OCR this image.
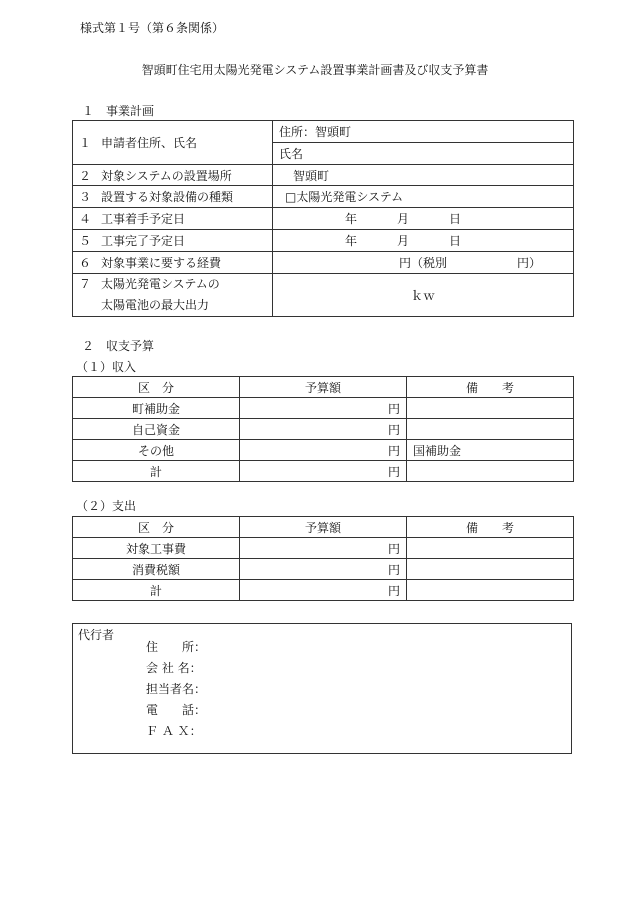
様式第１号（第６条関係）
智頭町住宅用太陽光発電システム設置事業計画書及び収支予算書
１　事業計画
１ 申請者住所、氏名	住所：智頭町
	氏名
２ 対象システムの設置場所	智頭町
３ 設置する対象設備の種類	□太陽光発電システム
４ 工事着手予定日	年 月 日
５ 工事完了予定日	年 月 日
６ 対象事業に要する経費	円（税別 円）
７ 太陽光発電システムの
太陽電池の最大出力	ｋｗ
２　収支予算
（１）収入
区　分	予算額	備　　考
町補助金	円	
自己資金	円	
その他	円	国補助金
計	円	
（２）支出
区　分	予算額	備　　考
対象工事費	円	
消費税額	円	
計	円	
代行者
住　　所：
会 社 名：
担当者名：
電　　話：
Ｆ Ａ Ｘ：
